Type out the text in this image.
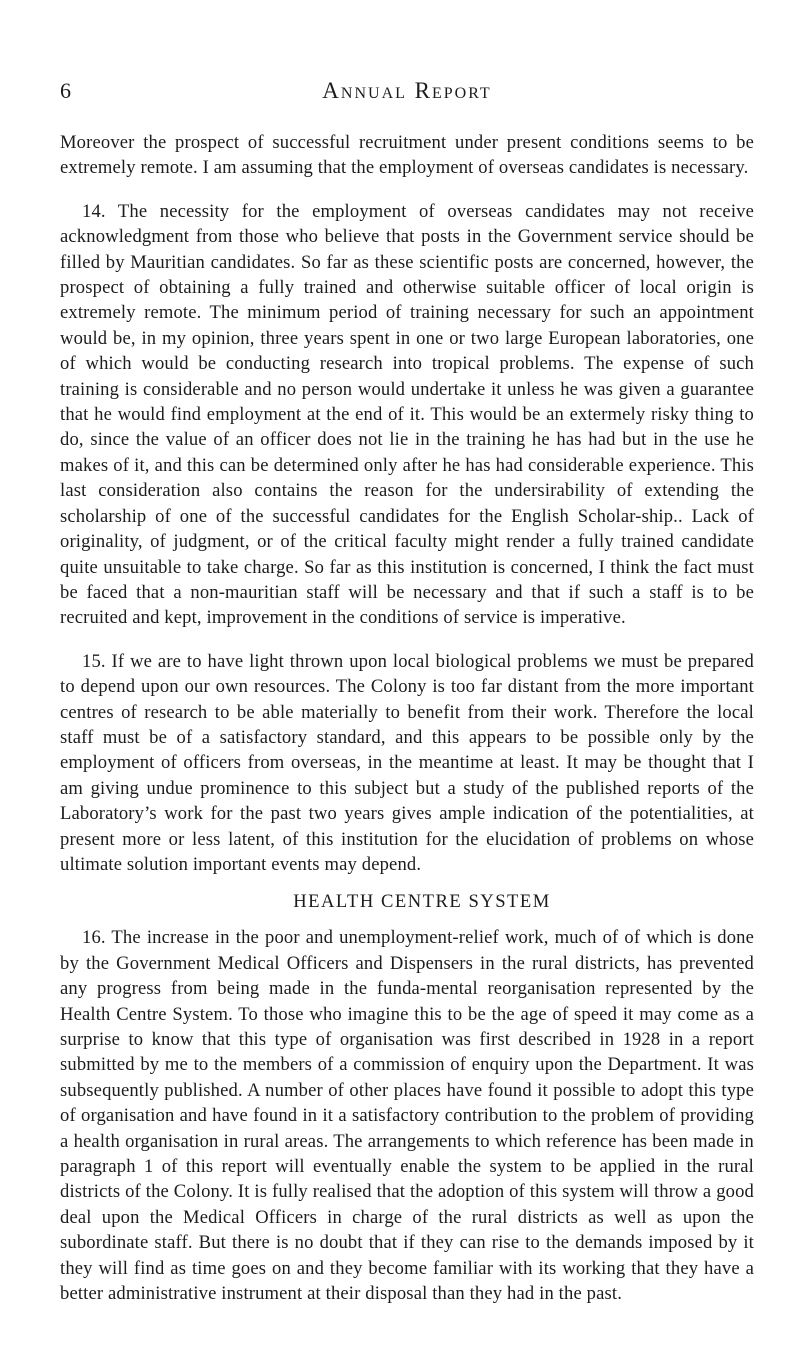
6	Annual Report

Moreover the prospect of successful recruitment under present conditions seems to be extremely remote. I am assuming that the employment of overseas candidates is necessary.

14. The necessity for the employment of overseas candidates may not receive acknowledgment from those who believe that posts in the Government service should be filled by Mauritian candidates. So far as these scientific posts are concerned, however, the prospect of obtaining a fully trained and otherwise suitable officer of local origin is extremely remote. The minimum period of training necessary for such an appointment would be, in my opinion, three years spent in one or two large European laboratories, one of which would be conducting research into tropical problems. The expense of such training is considerable and no person would undertake it unless he was given a guarantee that he would find employment at the end of it. This would be an extermely risky thing to do, since the value of an officer does not lie in the training he has had but in the use he makes of it, and this can be determined only after he has had considerable experience. This last consideration also contains the reason for the undersirability of extending the scholarship of one of the successful candidates for the English Scholar-ship.. Lack of originality, of judgment, or of the critical faculty might render a fully trained candidate quite unsuitable to take charge. So far as this institution is concerned, I think the fact must be faced that a non-mauritian staff will be necessary and that if such a staff is to be recruited and kept, improvement in the conditions of service is imperative.

15. If we are to have light thrown upon local biological problems we must be prepared to depend upon our own resources. The Colony is too far distant from the more important centres of research to be able materially to benefit from their work. Therefore the local staff must be of a satisfactory standard, and this appears to be possible only by the employment of officers from overseas, in the meantime at least. It may be thought that I am giving undue prominence to this subject but a study of the published reports of the Laboratory’s work for the past two years gives ample indication of the potentialities, at present more or less latent, of this institution for the elucidation of problems on whose ultimate solution important events may depend.

HEALTH CENTRE SYSTEM

16. The increase in the poor and unemployment-relief work, much of of which is done by the Government Medical Officers and Dispensers in the rural districts, has prevented any progress from being made in the funda-mental reorganisation represented by the Health Centre System. To those who imagine this to be the age of speed it may come as a surprise to know that this type of organisation was first described in 1928 in a report submitted by me to the members of a commission of enquiry upon the Department. It was subsequently published. A number of other places have found it possible to adopt this type of organisation and have found in it a satisfactory contribution to the problem of providing a health organisation in rural areas. The arrangements to which reference has been made in paragraph 1 of this report will eventually enable the system to be applied in the rural districts of the Colony. It is fully realised that the adoption of this system will throw a good deal upon the Medical Officers in charge of the rural districts as well as upon the subordinate staff. But there is no doubt that if they can rise to the demands imposed by it they will find as time goes on and they become familiar with its working that they have a better administrative instrument at their disposal than they had in the past.
